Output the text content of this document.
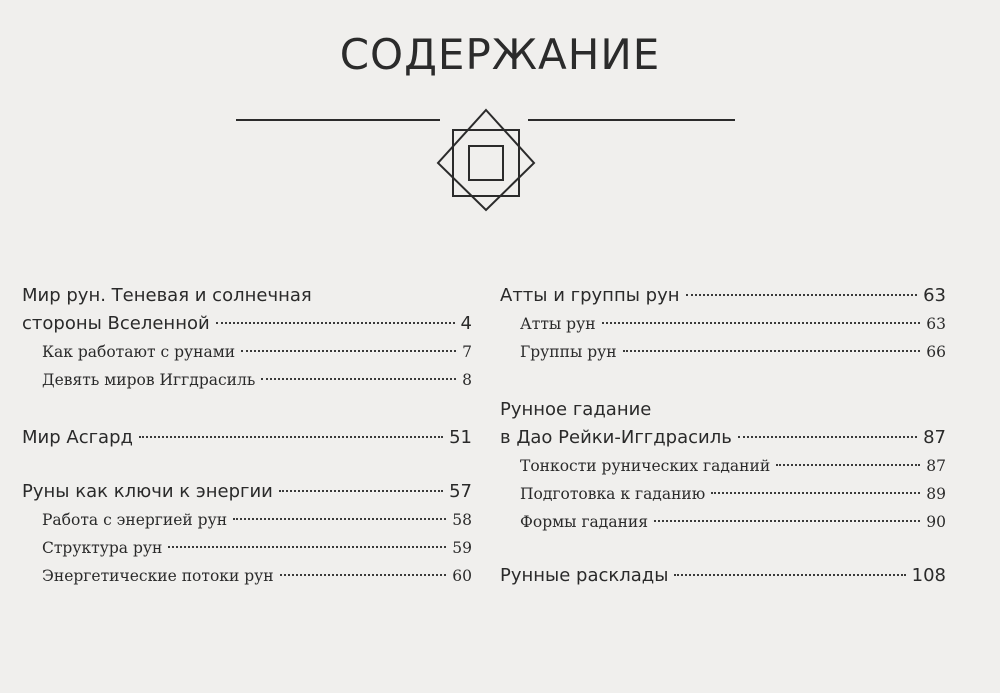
СОДЕРЖАНИЕ
Мир рун. Теневая и солнечная
стороны Вселенной	4
Как работают с рунами	7
Девять миров Иггдрасиль	8
Мир Асгард	51
Руны как ключи к энергии	57
Работа с энергией рун	58
Структура рун	59
Энергетические потоки рун	60
Атты и группы рун	63
Атты рун	63
Группы рун	66
Рунное гадание
в Дао Рейки-Иггдрасиль	87
Тонкости рунических гаданий	87
Подготовка к гаданию	89
Формы гадания	90
Рунные расклады	108
